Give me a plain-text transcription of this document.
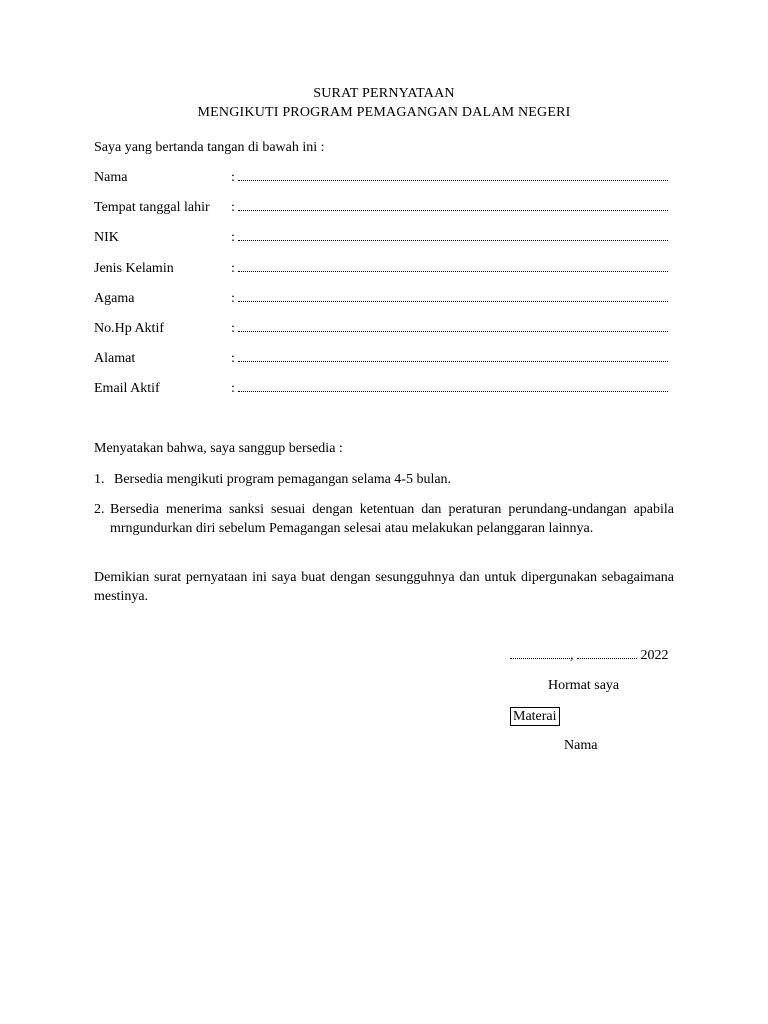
SURAT PERNYATAAN
MENGIKUTI PROGRAM PEMAGANGAN DALAM NEGERI
Saya yang bertanda tangan di bawah ini :
Nama	:
Tempat tanggal lahir :
NIK	:
Jenis Kelamin	:
Agama	:
No.Hp Aktif	:
Alamat	:
Email Aktif	:
Menyatakan bahwa, saya sanggup bersedia :
1. Bersedia mengikuti program pemagangan selama 4-5 bulan.
2. Bersedia menerima sanksi sesuai dengan ketentuan dan peraturan perundang-undangan apabila mrngundurkan diri sebelum Pemagangan selesai atau melakukan pelanggaran lainnya.
Demikian surat pernyataan ini saya buat dengan sesungguhnya dan untuk dipergunakan sebagaimana mestinya.
,	2022
Hormat saya
Materai
Nama
